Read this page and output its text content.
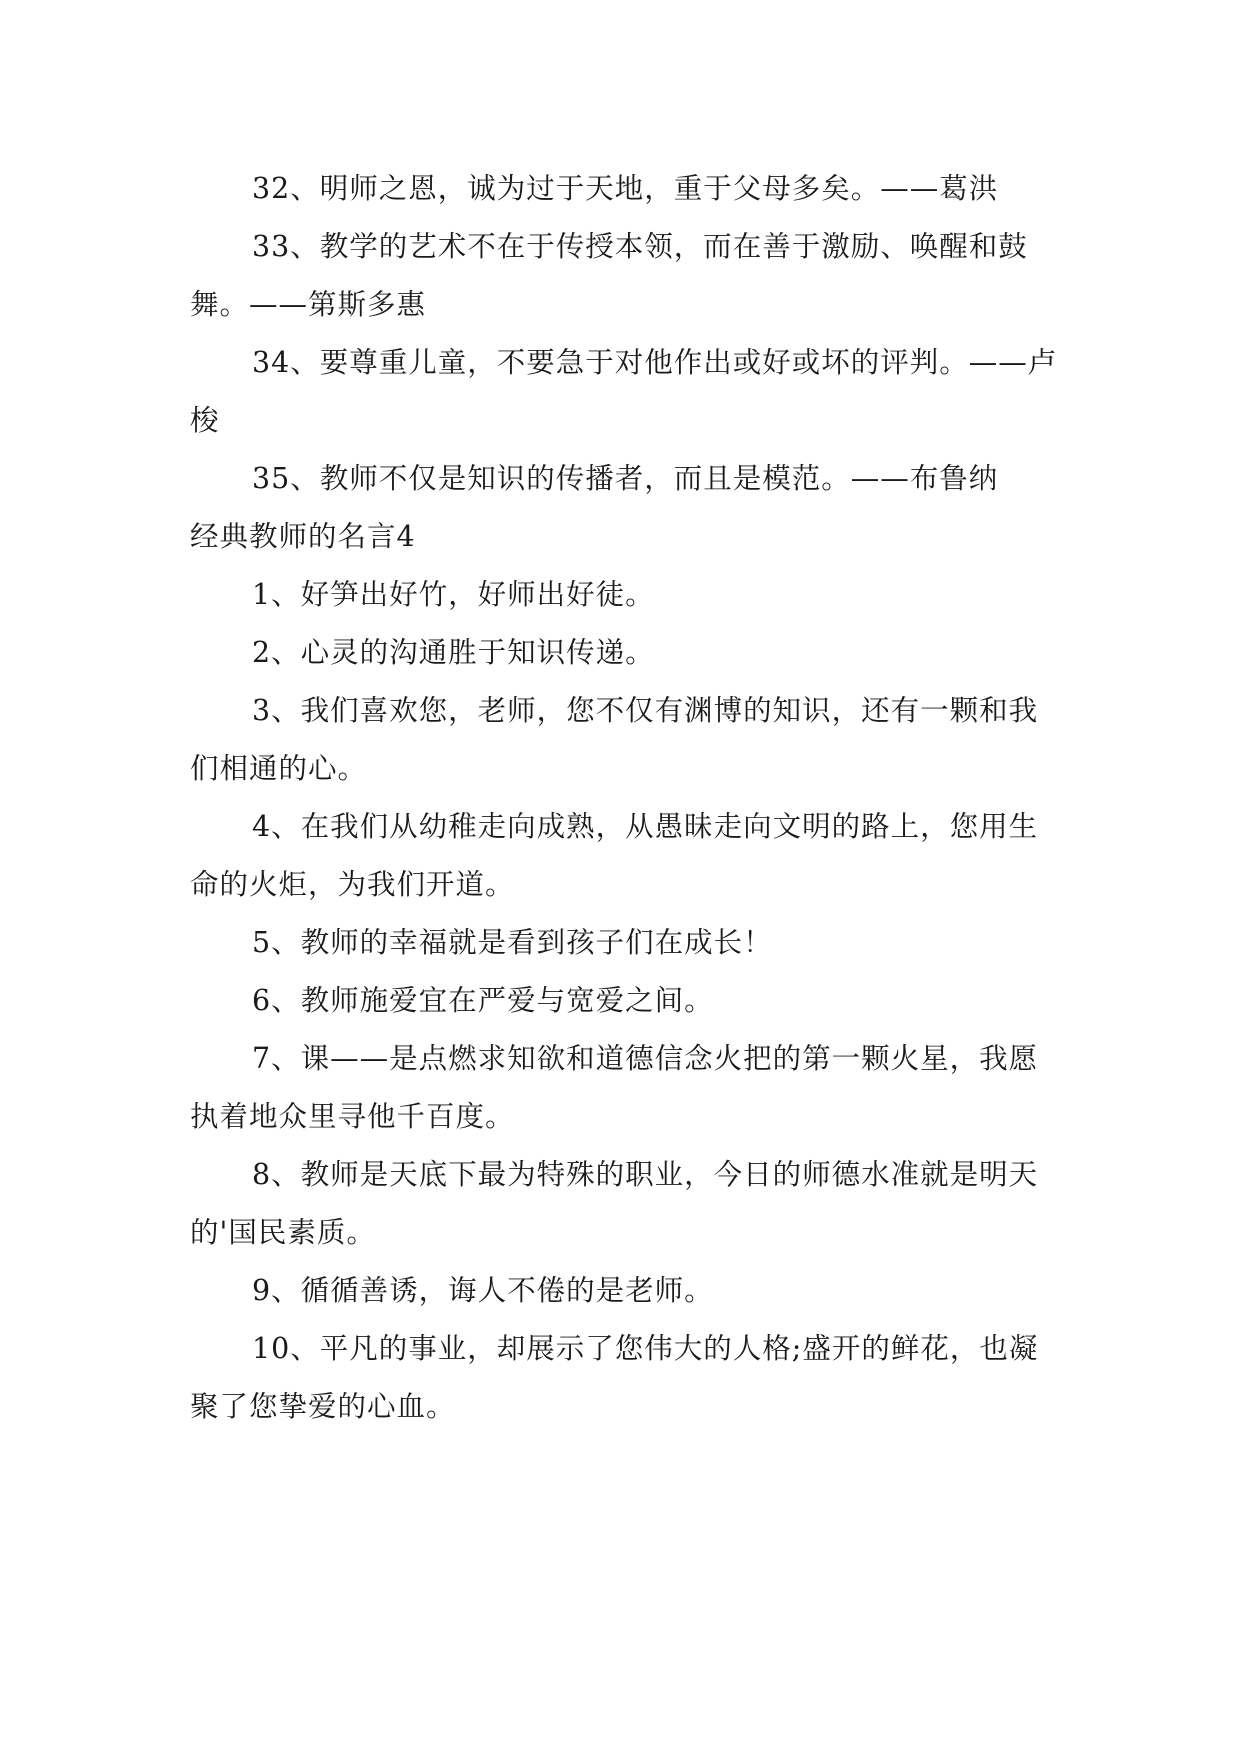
32、明师之恩，诚为过于天地，重于父母多矣。——葛洪

33、教学的艺术不在于传授本领，而在善于激励、唤醒和鼓舞。——第斯多惠

34、要尊重儿童，不要急于对他作出或好或坏的评判。——卢梭

35、教师不仅是知识的传播者，而且是模范。——布鲁纳

经典教师的名言4

1、好笋出好竹，好师出好徒。

2、心灵的沟通胜于知识传递。

3、我们喜欢您，老师，您不仅有渊博的知识，还有一颗和我们相通的心。

4、在我们从幼稚走向成熟，从愚昧走向文明的路上，您用生命的火炬，为我们开道。

5、教师的幸福就是看到孩子们在成长！

6、教师施爱宜在严爱与宽爱之间。

7、课——是点燃求知欲和道德信念火把的第一颗火星，我愿执着地众里寻他千百度。

8、教师是天底下最为特殊的职业，今日的师德水准就是明天的'国民素质。

9、循循善诱，诲人不倦的是老师。

10、平凡的事业，却展示了您伟大的人格;盛开的鲜花，也凝聚了您挚爱的心血。
